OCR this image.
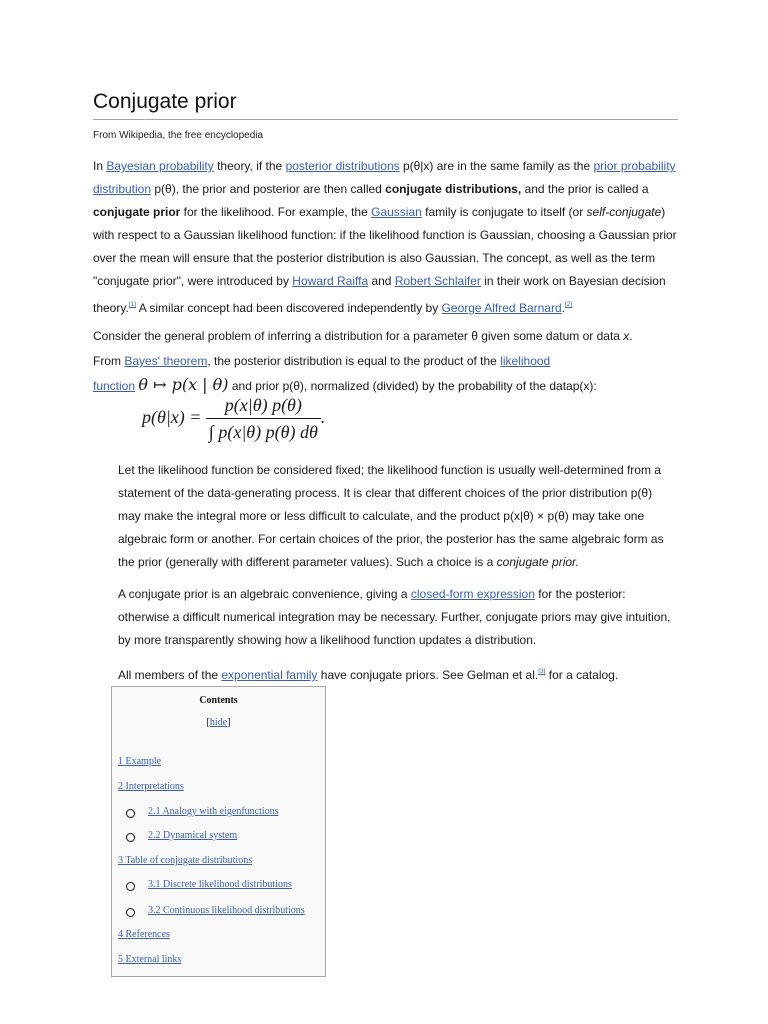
Conjugate prior
From Wikipedia, the free encyclopedia
In Bayesian probability theory, if the posterior distributions p(θ|x) are in the same family as the prior probability
distribution p(θ), the prior and posterior are then called conjugate distributions, and the prior is called a conjugate prior for the likelihood. For example, the Gaussian family is conjugate to itself (or self-conjugate) with respect to a Gaussian likelihood function: if the likelihood function is Gaussian, choosing a Gaussian prior over the mean will ensure that the posterior distribution is also Gaussian. The concept, as well as the term "conjugate prior", were introduced by Howard Raiffa and Robert Schlaifer in their work on Bayesian decision theory.[1] A similar concept had been discovered independently by George Alfred Barnard.[2]
Consider the general problem of inferring a distribution for a parameter θ given some datum or data x.
From Bayes' theorem, the posterior distribution is equal to the product of the likelihood
function θ ↦ p(x | θ) and prior p(θ), normalized (divided) by the probability of the datap(x):
$p(\theta|x) = \frac{p(x|\theta) p(\theta)}{\int p(x|\theta) p(\theta) d\theta}$ .
Let the likelihood function be considered fixed; the likelihood function is usually well-determined from a statement of the data-generating process. It is clear that different choices of the prior distribution p(θ) may make the integral more or less difficult to calculate, and the product p(x|θ) × p(θ) may take one algebraic form or another. For certain choices of the prior, the posterior has the same algebraic form as the prior (generally with different parameter values). Such a choice is a conjugate prior.
A conjugate prior is an algebraic convenience, giving a closed-form expression for the posterior: otherwise a difficult numerical integration may be necessary. Further, conjugate priors may give intuition, by more transparently showing how a likelihood function updates a distribution.
All members of the exponential family have conjugate priors. See Gelman et al.[3] for a catalog.
Contents
[hide]
1 Example
2 Interpretations
2.1 Analogy with eigenfunctions
2.2 Dynamical system
3 Table of conjugate distributions
3.1 Discrete likelihood distributions
3.2 Continuous likelihood distributions
4 References
5 External links
